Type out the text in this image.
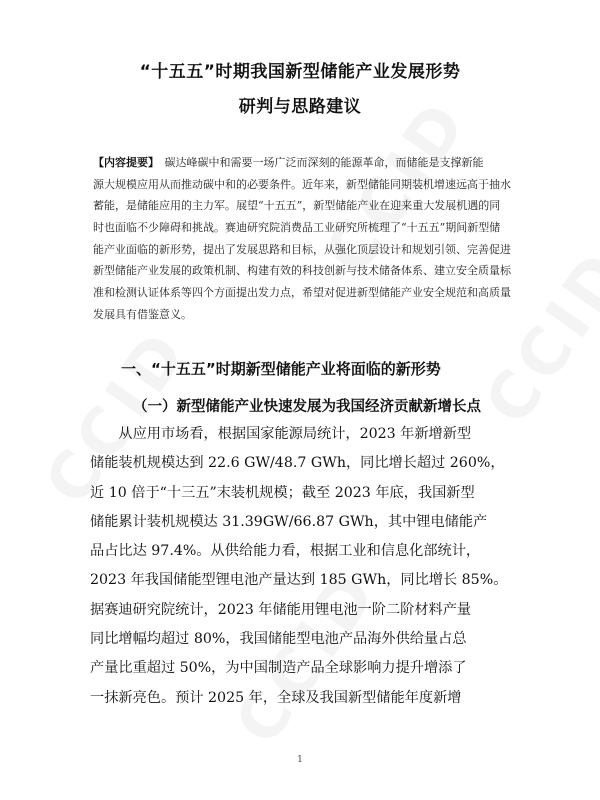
“十五五”时期我国新型储能产业发展形势
研判与思路建议
【内容提要】　 碳达峰碳中和需要一场广泛而深刻的能源革命，而储能是支撑新能
源大规模应用从而推动碳中和的必要条件。近年来，新型储能同期装机增速远高于抽水
蓄能，是储能应用的主力军。展望“十五五”，新型储能产业在迎来重大发展机遇的同
时也面临不少障碍和挑战。赛迪研究院消费品工业研究所梳理了“十五五”期间新型储
能产业面临的新形势，提出了发展思路和目标，从强化顶层设计和规划引领、完善促进
新型储能产业发展的政策机制、构建有效的科技创新与技术储备体系、建立安全质量标
准和检测认证体系等四个方面提出发力点，希望对促进新型储能产业安全规范和高质量
发展具有借鉴意义。
一、“十五五”时期新型储能产业将面临的新形势
（一）新型储能产业快速发展为我国经济贡献新增长点
　　从应用市场看，根据国家能源局统计，2023 年新增新型
储能装机规模达到 22.6 GW/48.7 GWh，同比增长超过 260%，
近 10 倍于“十三五”末装机规模；截至 2023 年底，我国新型
储能累计装机规模达 31.39GW/66.87 GWh，其中锂电储能产
品占比达 97.4%。从供给能力看，根据工业和信息化部统计，
2023 年我国储能型锂电池产量达到 185 GWh，同比增长 85%。
据赛迪研究院统计，2023 年储能用锂电池一阶二阶材料产量
同比增幅均超过 80%，我国储能型电池产品海外供给量占总
产量比重超过 50%，为中国制造产品全球影响力提升增添了
一抹新亮色。预计 2025 年，全球及我国新型储能年度新增
1
